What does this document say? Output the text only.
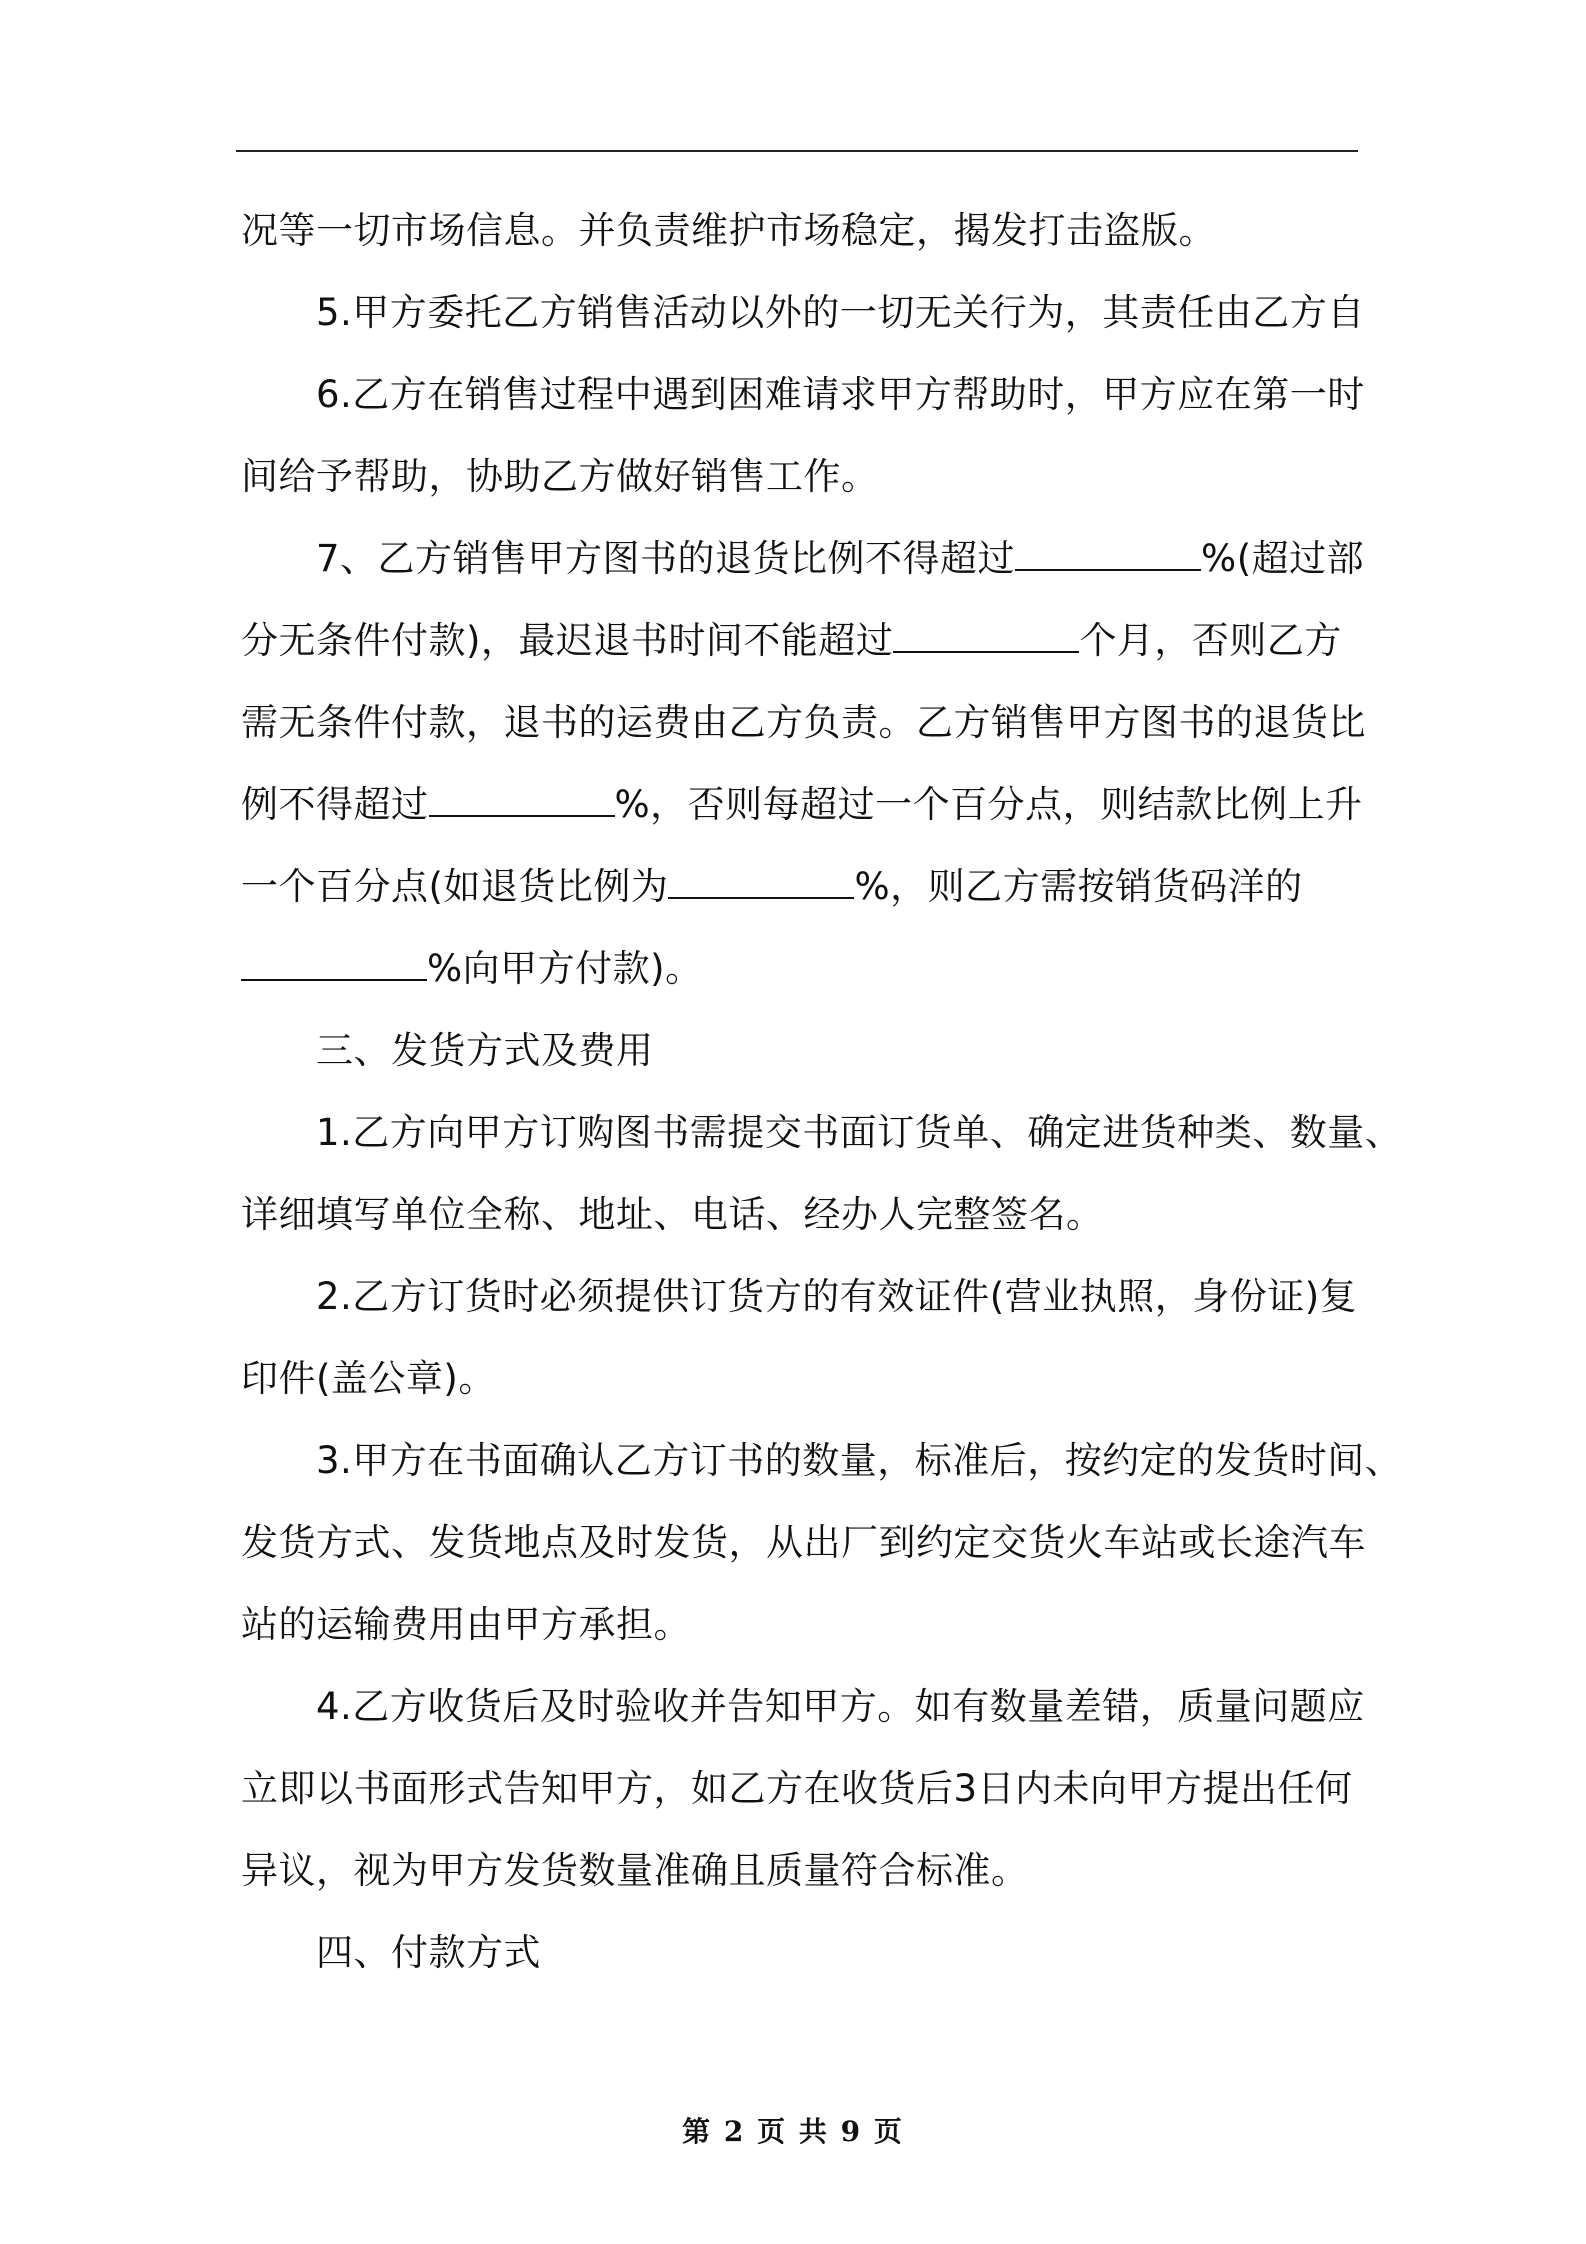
况等一切市场信息。并负责维护市场稳定，揭发打击盗版。
5.甲方委托乙方销售活动以外的一切无关行为，其责任由乙方自
6.乙方在销售过程中遇到困难请求甲方帮助时，甲方应在第一时
间给予帮助，协助乙方做好销售工作。
7、乙方销售甲方图书的退货比例不得超过	%(超过部
分无条件付款)，最迟退书时间不能超过	个月，否则乙方
需无条件付款，退书的运费由乙方负责。乙方销售甲方图书的退货比
例不得超过	%，否则每超过一个百分点，则结款比例上升
一个百分点(如退货比例为	%，则乙方需按销货码洋的
%向甲方付款)。
三、发货方式及费用
1.乙方向甲方订购图书需提交书面订货单、确定进货种类、数量、
详细填写单位全称、地址、电话、经办人完整签名。
2.乙方订货时必须提供订货方的有效证件(营业执照，身份证)复
印件(盖公章)。
3.甲方在书面确认乙方订书的数量，标准后，按约定的发货时间、
发货方式、发货地点及时发货，从出厂到约定交货火车站或长途汽车
站的运输费用由甲方承担。
4.乙方收货后及时验收并告知甲方。如有数量差错，质量问题应
立即以书面形式告知甲方，如乙方在收货后3日内未向甲方提出任何
异议，视为甲方发货数量准确且质量符合标准。
四、付款方式
第 2 页 共 9 页
